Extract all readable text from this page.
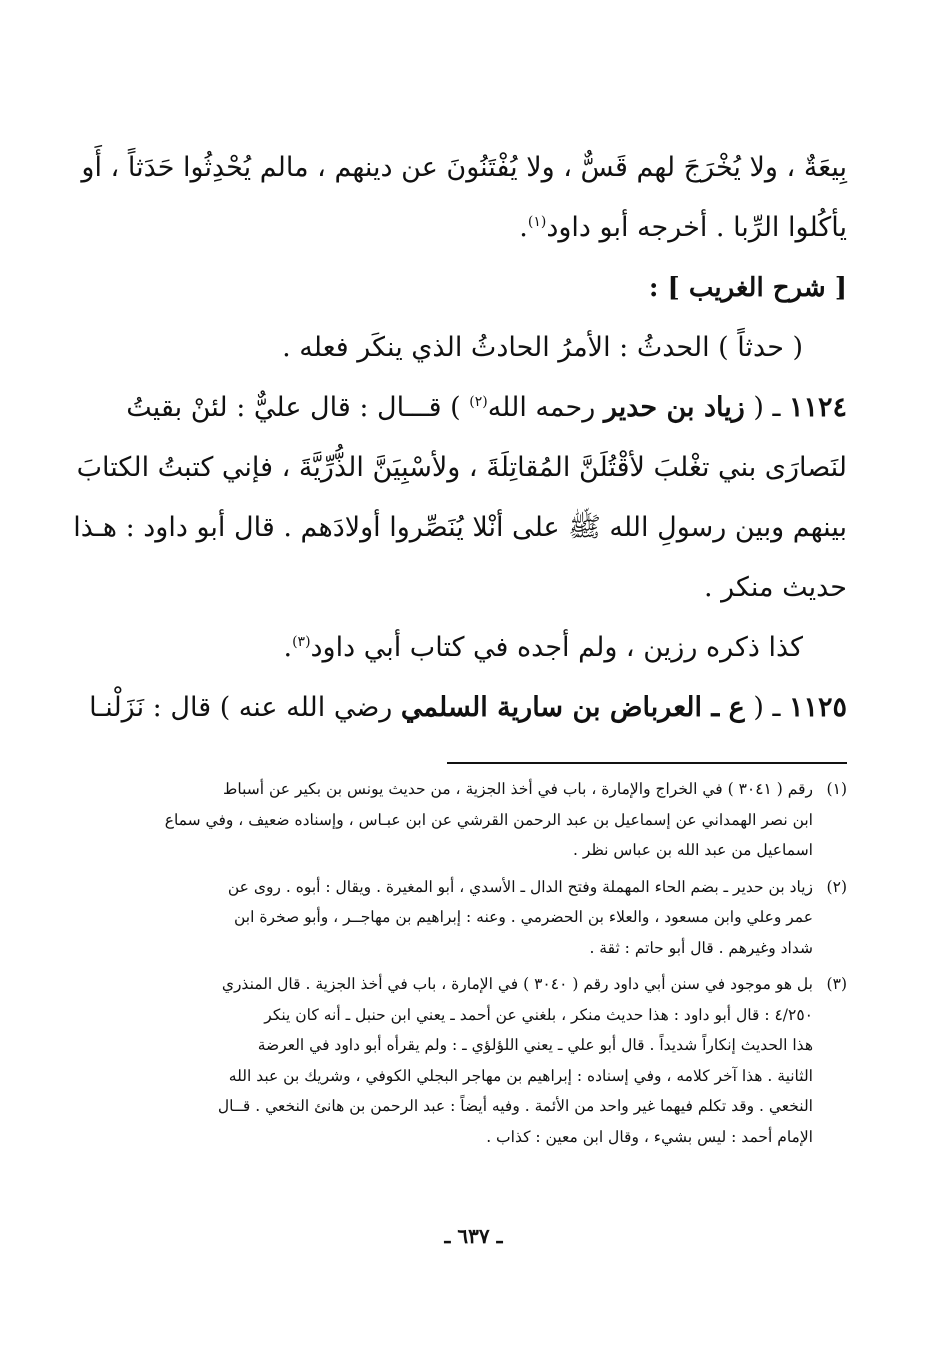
بِيعَةٌ ، ولا يُخْرَجَ لهم قَسٌّ ، ولا يُفْتَنُونَ عن دينهم ، مالم يُحْدِثُوا حَدَثاً ، أَو
يأكُلوا الرِّبا . أخرجه أبو داود$^{(١)}$.
[ شرح الغريب ] :
( حدثاً ) الحدثُ : الأمرُ الحادثُ الذي ينكَر فعله .
١١٢٤ ـ ( زياد بن حدير رحمه الله$^{(٢)}$ ) قـــال : قال عليٌّ : لئنْ بقيتُ
لنَصارَى بني تغْلبَ لأقْتُلَنَّ المُقاتِلَةَ ، ولأسْبِيَنَّ الذُّرِّيَّةَ ، فإني كتبتُ الكتابَ
بينهم وبين رسولِ الله ﷺ على أنْلا يُنَصِّروا أولادَهم . قال أبو داود : هـذا
حديث منكر .
كذا ذكره رزين ، ولم أجده في كتاب أبي داود$^{(٣)}$.
١١٢٥ ـ ( ع ـ العرباض بن سارية السلمي رضي الله عنه ) قال : نَزَلْنـا
(١)
رقم ( ٣٠٤١ ) في الخراج والإمارة ، باب في أخذ الجزية ، من حديث يونس بن بكير عن أسباط
ابن نصر الهمداني عن إسماعيل بن عبد الرحمن القرشي عن ابن عبـاس ، وإسناده ضعيف ، وفي سماع
اسماعيل من عبد الله بن عباس نظر .
(٢)
زياد بن حدير ـ بضم الحاء المهملة وفتح الدال ـ الأسدي ، أبو المغيرة . ويقال : أبوه . روى عن
عمر وعلي وابن مسعود ، والعلاء بن الحضرمي . وعنه : إبراهيم بن مهاجــر ، وأبو صخرة ابن
شداد وغيرهم . قال أبو حاتم : ثقة .
(٣)
بل هو موجود في سنن أبي داود رقم ( ٣٠٤٠ ) في الإمارة ، باب في أخذ الجزية . قال المنذري
٤/٢٥٠ : قال أبو داود : هذا حديث منكر ، بلغني عن أحمد ـ يعني ابن حنبل ـ أنه كان ينكر
هذا الحديث إنكاراً شديداً . قال أبو علي ـ يعني اللؤلؤي ـ : ولم يقرأه أبو داود في العرضة
الثانية . هذا آخر كلامه ، وفي إسناده : إبراهيم بن مهاجر البجلي الكوفي ، وشريك بن عبد الله
النخعي . وقد تكلم فيهما غير واحد من الأئمة . وفيه أيضاً : عبد الرحمن بن هانئ النخعي . قــال
الإمام أحمد : ليس بشيء ، وقال ابن معين : كذاب .
ـ ٦٣٧ ـ
